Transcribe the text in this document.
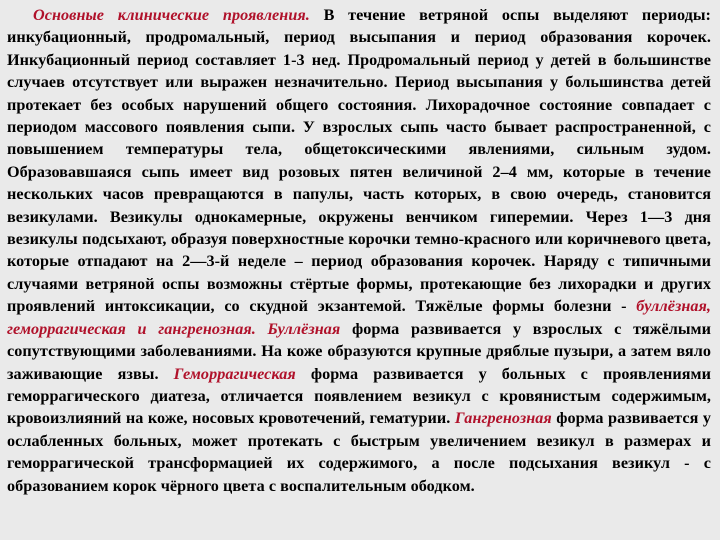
Основные клинические проявления. В течение ветряной оспы выделяют периоды: инкубационный, продромальный, период высыпания и период образования корочек. Инкубационный период составляет 1-3 нед. Продромальный период у детей в большинстве случаев отсутствует или выражен незначительно. Период высыпания у большинства детей протекает без особых нарушений общего состояния. Лихорадочное состояние совпадает с периодом массового появления сыпи. У взрослых сыпь часто бывает распространенной, с повышением температуры тела, общетоксическими явлениями, сильным зудом. Образовавшаяся сыпь имеет вид розовых пятен величиной 2–4 мм, которые в течение нескольких часов превращаются в папулы, часть которых, в свою очередь, становится везикулами. Везикулы однокамерные, окружены венчиком гиперемии. Через 1—3 дня везикулы подсыхают, образуя поверхностные корочки темно-красного или коричневого цвета, которые отпадают на 2—3-й неделе – период образования корочек. Наряду с типичными случаями ветряной оспы возможны стёртые формы, протекающие без лихорадки и других проявлений интоксикации, со скудной экзантемой. Тяжёлые формы болезни - буллёзная, геморрагическая и гангренозная. Буллёзная форма развивается у взрослых с тяжёлыми сопутствующими заболеваниями. На коже образуются крупные дряблые пузыри, а затем вяло заживающие язвы. Геморрагическая форма развивается у больных с проявлениями геморрагического диатеза, отличается появлением везикул с кровянистым содержимым, кровоизлияний на коже, носовых кровотечений, гематурии. Гангренозная форма развивается у ослабленных больных, может протекать с быстрым увеличением везикул в размерах и геморрагической трансформацией их содержимого, а после подсыхания везикул - с образованием корок чёрного цвета с воспалительным ободком.
